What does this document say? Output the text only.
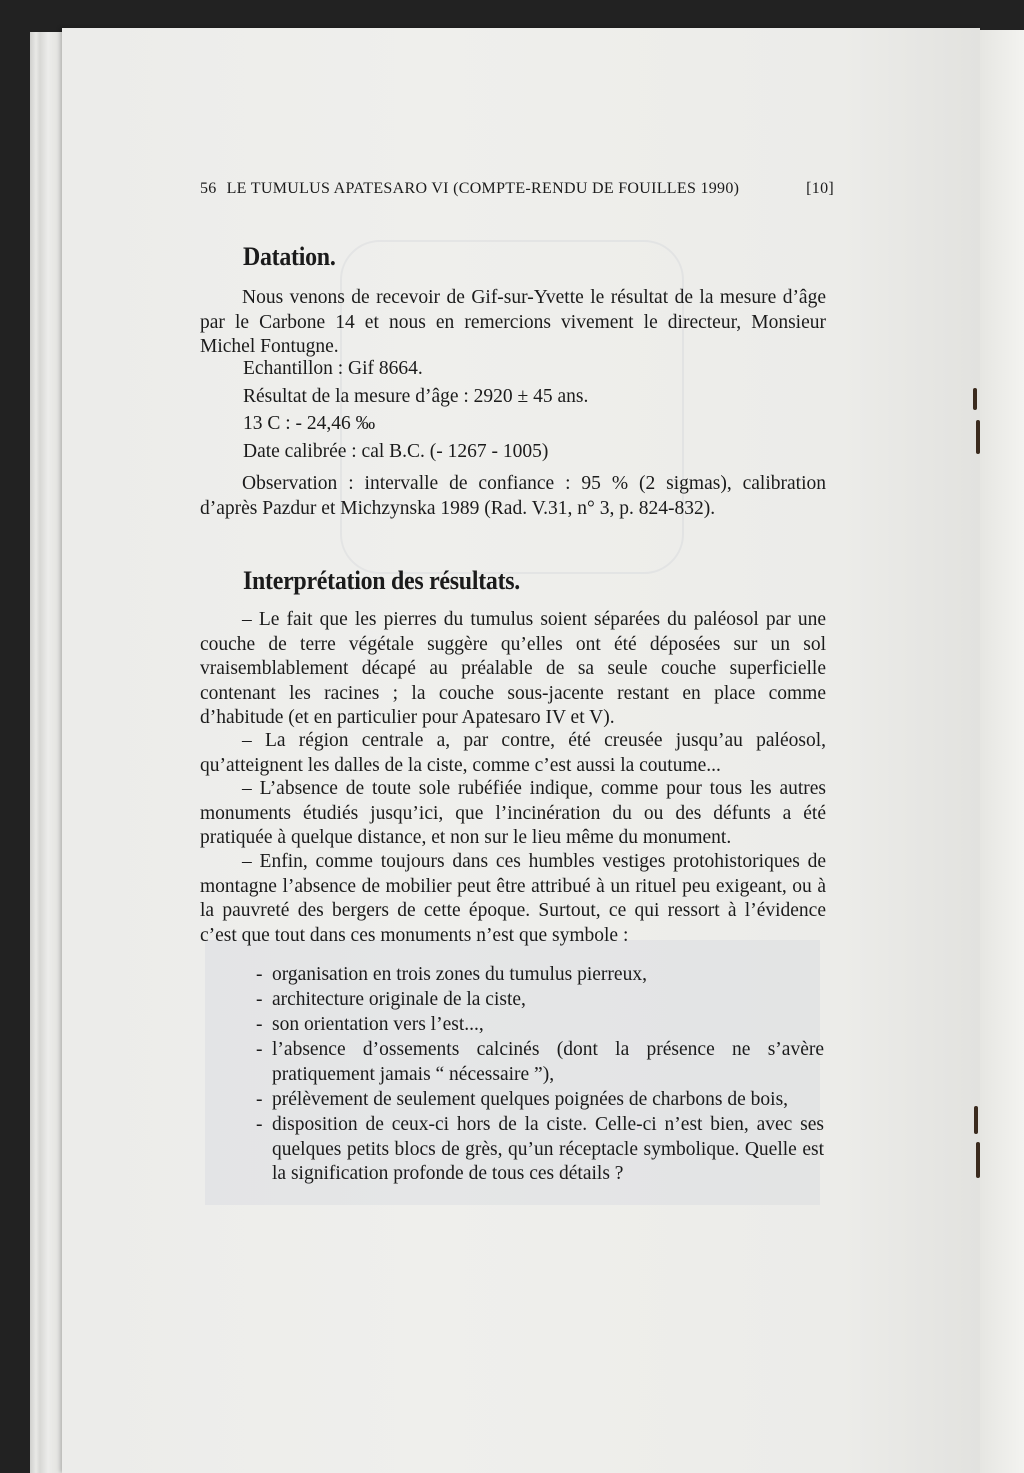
56 LE TUMULUS APATESARO VI (COMPTE-RENDU DE FOUILLES 1990)	[10]
Datation.

Nous venons de recevoir de Gif-sur-Yvette le résultat de la mesure d’âge par le Carbone 14 et nous en remercions vivement le directeur, Monsieur Michel Fontugne.

Echantillon : Gif 8664.

Résultat de la mesure d’âge : 2920 ± 45 ans.

13 C : - 24,46 ‰

Date calibrée : cal B.C. (- 1267 - 1005)

Observation : intervalle de confiance : 95 % (2 sigmas), calibration d’après Pazdur et Michzynska 1989 (Rad. V.31, n° 3, p. 824-832).

Interprétation des résultats.

– Le fait que les pierres du tumulus soient séparées du paléosol par une couche de terre végétale suggère qu’elles ont été déposées sur un sol vraisemblablement décapé au préalable de sa seule couche superficielle contenant les racines ; la couche sous-jacente restant en place comme d’habitude (et en particulier pour Apatesaro IV et V).

– La région centrale a, par contre, été creusée jusqu’au paléosol, qu’atteignent les dalles de la ciste, comme c’est aussi la coutume...

– L’absence de toute sole rubéfiée indique, comme pour tous les autres monuments étudiés jusqu’ici, que l’incinération du ou des défunts a été pratiquée à quelque distance, et non sur le lieu même du monument.

– Enfin, comme toujours dans ces humbles vestiges protohistoriques de montagne l’absence de mobilier peut être attribué à un rituel peu exigeant, ou à la pauvreté des bergers de cette époque. Surtout, ce qui ressort à l’évidence c’est que tout dans ces monuments n’est que symbole :

- organisation en trois zones du tumulus pierreux,
- architecture originale de la ciste,
- son orientation vers l’est...,
- l’absence d’ossements calcinés (dont la présence ne s’avère pratiquement jamais “ nécessaire ”),
- prélèvement de seulement quelques poignées de charbons de bois,
- disposition de ceux-ci hors de la ciste. Celle-ci n’est bien, avec ses quelques petits blocs de grès, qu’un réceptacle symbolique. Quelle est la signification profonde de tous ces détails ?
